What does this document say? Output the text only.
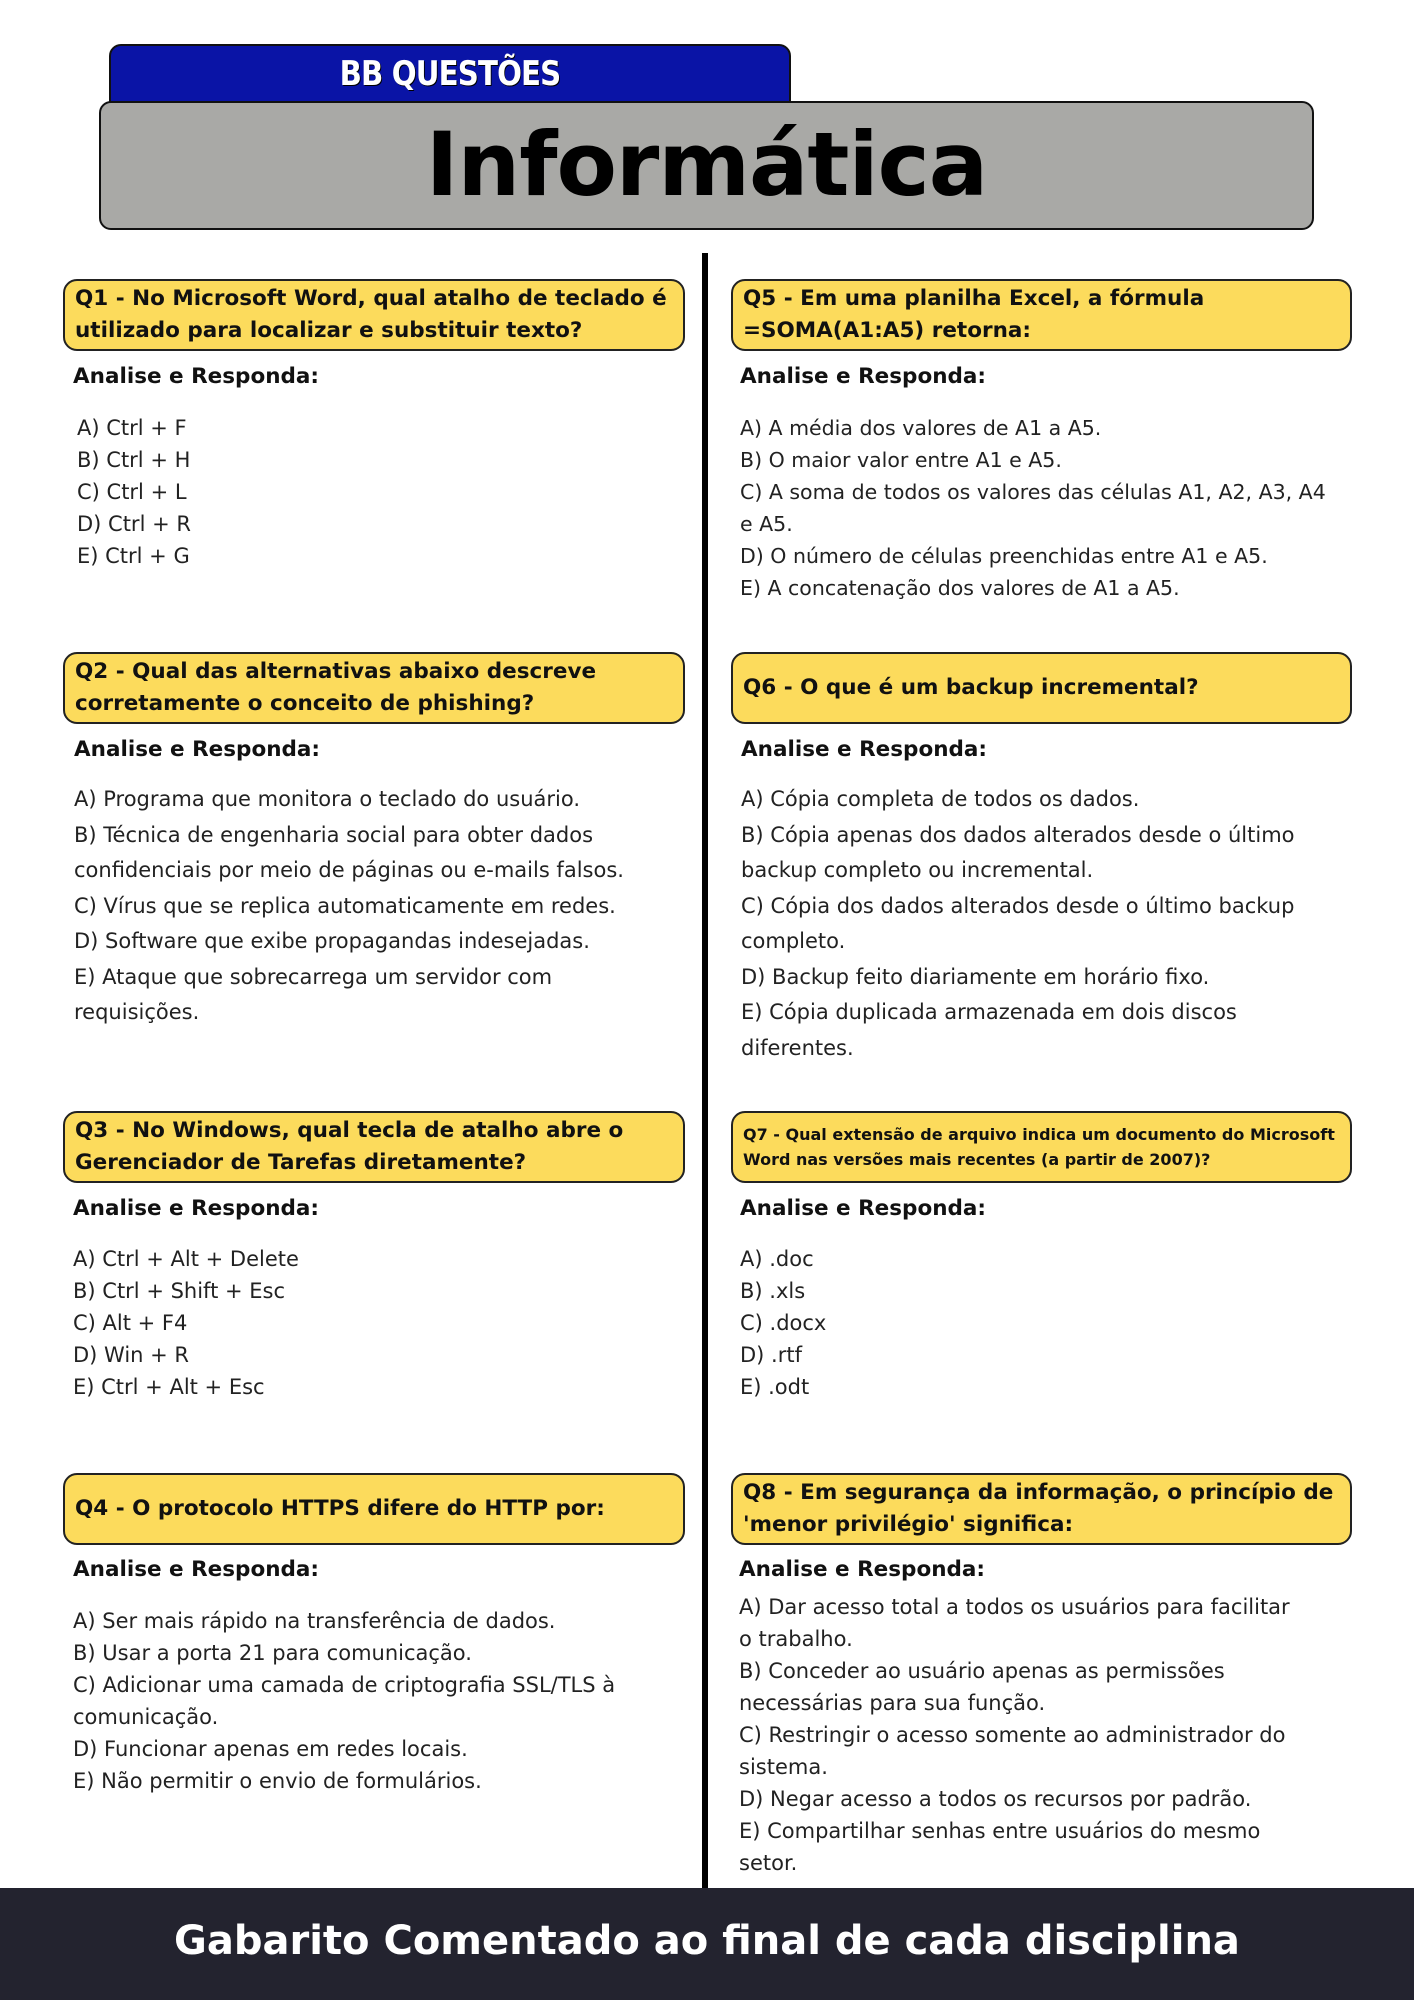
BB QUESTÕES
Informática
Q1 - No Microsoft Word, qual atalho de teclado é utilizado para localizar e substituir texto?
Analise e Responda:
A) Ctrl + F
B) Ctrl + H
C) Ctrl + L
D) Ctrl + R
E) Ctrl + G
Q2 - Qual das alternativas abaixo descreve corretamente o conceito de phishing?
Analise e Responda:
A) Programa que monitora o teclado do usuário.
B) Técnica de engenharia social para obter dados
confidenciais por meio de páginas ou e-mails falsos.
C) Vírus que se replica automaticamente em redes.
D) Software que exibe propagandas indesejadas.
E) Ataque que sobrecarrega um servidor com
requisições.
Q3 - No Windows, qual tecla de atalho abre o Gerenciador de Tarefas diretamente?
Analise e Responda:
A) Ctrl + Alt + Delete
B) Ctrl + Shift + Esc
C) Alt + F4
D) Win + R
E) Ctrl + Alt + Esc
Q4 - O protocolo HTTPS difere do HTTP por:
Analise e Responda:
A) Ser mais rápido na transferência de dados.
B) Usar a porta 21 para comunicação.
C) Adicionar uma camada de criptografia SSL/TLS à
comunicação.
D) Funcionar apenas em redes locais.
E) Não permitir o envio de formulários.
Q5 - Em uma planilha Excel, a fórmula =SOMA(A1:A5) retorna:
Analise e Responda:
A) A média dos valores de A1 a A5.
B) O maior valor entre A1 e A5.
C) A soma de todos os valores das células A1, A2, A3, A4
e A5.
D) O número de células preenchidas entre A1 e A5.
E) A concatenação dos valores de A1 a A5.
Q6 - O que é um backup incremental?
Analise e Responda:
A) Cópia completa de todos os dados.
B) Cópia apenas dos dados alterados desde o último
backup completo ou incremental.
C) Cópia dos dados alterados desde o último backup
completo.
D) Backup feito diariamente em horário fixo.
E) Cópia duplicada armazenada em dois discos
diferentes.
Q7 - Qual extensão de arquivo indica um documento do Microsoft Word nas versões mais recentes (a partir de 2007)?
Analise e Responda:
A) .doc
B) .xls
C) .docx
D) .rtf
E) .odt
Q8 - Em segurança da informação, o princípio de 'menor privilégio' significa:
Analise e Responda:
A) Dar acesso total a todos os usuários para facilitar
o trabalho.
B) Conceder ao usuário apenas as permissões
necessárias para sua função.
C) Restringir o acesso somente ao administrador do
sistema.
D) Negar acesso a todos os recursos por padrão.
E) Compartilhar senhas entre usuários do mesmo
setor.
Gabarito Comentado ao final de cada disciplina
